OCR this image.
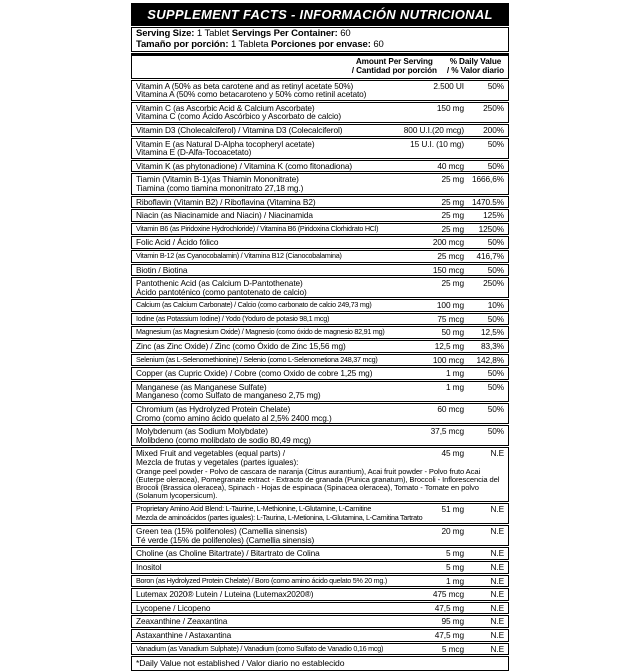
SUPPLEMENT FACTS - INFORMACIÓN NUTRICIONAL
Serving Size: 1 Tablet Servings Per Container: 60
Tamaño por porción: 1 Tableta Porciones por envase: 60
Amount Per Serving
/ Cantidad por porción
% Daily Value
/ % Valor diario
Vitamin A (50% as beta carotene and as retinyl acetate 50%)	2.500 UI	50%
Vitamina A (50% como betacaroteno y 50% como retinil acetato)
Vitamin C (as Ascorbic Acid & Calcium Ascorbate)	150 mg	250%
Vitamina C (como Ácido Ascórbico y Ascorbato de calcio)
Vitamin D3 (Cholecalciferol) / Vitamina D3 (Colecalciferol)	800 U.I.(20 mcg)	200%
Vitamin E (as Natural D-Alpha tocopheryl acetate)	15 U.I. (10 mg)	50%
Vitamina E (D-Alfa-Tocoacetato)
Vitamin K (as phytonadione) / Vitamina K (como fitonadiona)	40 mcg	50%
Tiamin (Vitamin B-1)(as Thiamin Mononitrate)	25 mg 1666,6%
Tiamina (como tiamina mononitrato 27,18 mg.)
Riboflavin (Vitamin B2) / Riboflavina (Vitamina B2)	25 mg 1470.5%
Niacin (as Niacinamide and Niacin) / Niacinamida	25 mg	125%
Vitamin B6 (as Piridoxine Hydrochloride) / Vitamina B6 (Piridoxina Clorhidrato HCl)	25 mg	1250%
Folic Acid / Ácido fólico	200 mcg	50%
Vitamin B-12 (as Cyanocobalamin) / Vitamina B12 (Cianocobalamina)	25 mcg	416,7%
Biotin / Biotina	150 mcg	50%
Pantothenic Acid (as Calcium D-Pantothenate)	25 mg	250%
Ácido pantoténico (como pantotenato de calcio)
Calcium (as Calcium Carbonate) / Calcio (como carbonato de calcio 249,73 mg)	100 mg	10%
Iodine (as Potassium Iodine) / Yodo (Yoduro de potasio 98,1 mcg)	75 mcg	50%
Magnesium (as Magnesium Oxide) / Magnesio (como óxido de magnesio 82,91 mg)	50 mg	12,5%
Zinc (as Zinc Oxide) / Zinc (como Óxido de Zinc 15,56 mg)	12,5 mg	83,3%
Selenium (as L-Selenomethionine) / Selenio (como L-Selenometiona 248,37 mcg)	100 mcg	142,8%
Copper (as Cupric Oxide) / Cobre (como Oxido de cobre 1,25 mg)	1 mg	50%
Manganese (as Manganese Sulfate)	1 mg	50%
Manganeso (como Sulfato de manganeso 2,75 mg)
Chromium (as Hydrolyzed Protein Chelate)	60 mcg	50%
Cromo (como amino ácido quelato al 2,5% 2400 mcg.)
Molybdenum (as Sodium Molybdate)	37,5 mcg	50%
Molibdeno (como molibdato de sodio 80,49 mcg)
Mixed Fruit and vegetables (equal parts) /	45 mg	N.E
Mezcla de frutas y vegetales (partes iguales):
Orange peel powder - Polvo de cascara de naranja (Citrus aurantium), Acai fruit powder - Polvo fruto Acai (Euterpe oleracea), Pomegranate extract - Extracto de granada (Punica granatum), Broccoli - Inflorescencia del Brocoli (Brassica oleracea), Spinach - Hojas de espinaca (Spinacea oleracea), Tomato - Tomate en polvo (Solanum lycopersicum).
Proprietary Amino Acid Blend: L-Taurine, L-Methionine, L-Glutamine, L-Carnitine	51 mg	N.E
Mezcla de aminoácidos (partes iguales): L-Taurina, L-Metionina, L-Glutamina, L-Carnitina Tartrato
Green tea (15% polifenoles) (Camellia sinensis)	20 mg	N.E
Té verde (15% de polifenoles) (Camellia sinensis)
Choline (as Choline Bitartrate) / Bitartrato de Colina	5 mg	N.E
Inositol	5 mg	N.E
Boron (as Hydrolyzed Protein Chelate) / Boro (como amino ácido quelato 5% 20 mg.)	1 mg	N.E
Lutemax 2020® Lutein / Luteina (Lutemax2020®)	475 mcg	N.E
Lycopene / Licopeno	47,5 mg	N.E
Zeaxanthine / Zeaxantina	95 mg	N.E
Astaxanthine / Astaxantina	47,5 mg	N.E
Vanadium (as Vanadium Sulphate) / Vanadium (como Sulfato de Vanadio 0,16 mcg)	5 mcg	N.E
*Daily Value not established / Valor diario no establecido
